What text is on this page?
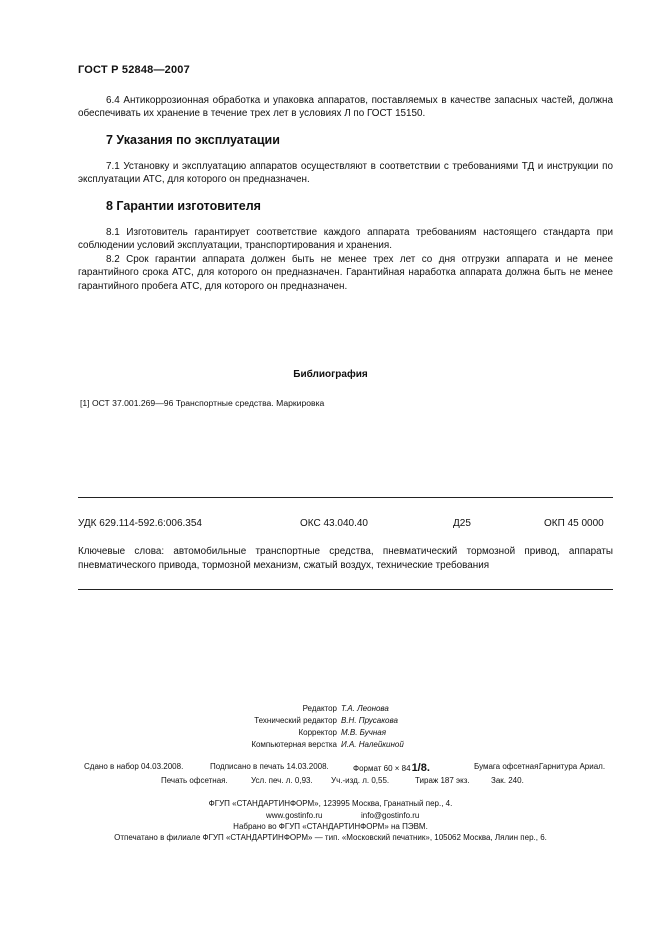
ГОСТ Р 52848—2007
6.4 Антикоррозионная обработка и упаковка аппаратов, поставляемых в качестве запасных частей, должна обеспечивать их хранение в течение трех лет в условиях Л по ГОСТ 15150.
7 Указания по эксплуатации
7.1 Установку и эксплуатацию аппаратов осуществляют в соответствии с требованиями ТД и инструкции по эксплуатации АТС, для которого он предназначен.
8 Гарантии изготовителя
8.1 Изготовитель гарантирует соответствие каждого аппарата требованиям настоящего стандарта при соблюдении условий эксплуатации, транспортирования и хранения.
8.2 Срок гарантии аппарата должен быть не менее трех лет со дня отгрузки аппарата и не менее гарантийного срока АТС, для которого он предназначен. Гарантийная наработка аппарата должна быть не менее гарантийного пробега АТС, для которого он предназначен.
Библиография
[1] ОСТ 37.001.269—96 Транспортные средства. Маркировка
УДК 629.114-592.6:006.354	ОКС 43.040.40	Д25	ОКП 45 0000
Ключевые слова: автомобильные транспортные средства, пневматический тормозной привод, аппараты пневматического привода, тормозной механизм, сжатый воздух, технические требования
Редактор Т.А. Леонова
Технический редактор В.Н. Прусакова
Корректор М.В. Бучная
Компьютерная верстка И.А. Налейкиной
Сдано в набор 04.03.2008.	Подписано в печать 14.03.2008.	Формат 60 × 841/8.	Бумага офсетная.
Гарнитура Ариал.
Печать офсетная.	Усл. печ. л. 0,93. Уч.-изд. л. 0,55.	Тираж 187 экз.	Зак. 240.
ФГУП «СТАНДАРТИНФОРМ», 123995 Москва, Гранатный пер., 4.
www.gostinfo.ru	info@gostinfo.ru
Набрано во ФГУП «СТАНДАРТИНФОРМ» на ПЭВМ.
Отпечатано в филиале ФГУП «СТАНДАРТИНФОРМ» — тип. «Московский печатник», 105062 Москва, Лялин пер., 6.
